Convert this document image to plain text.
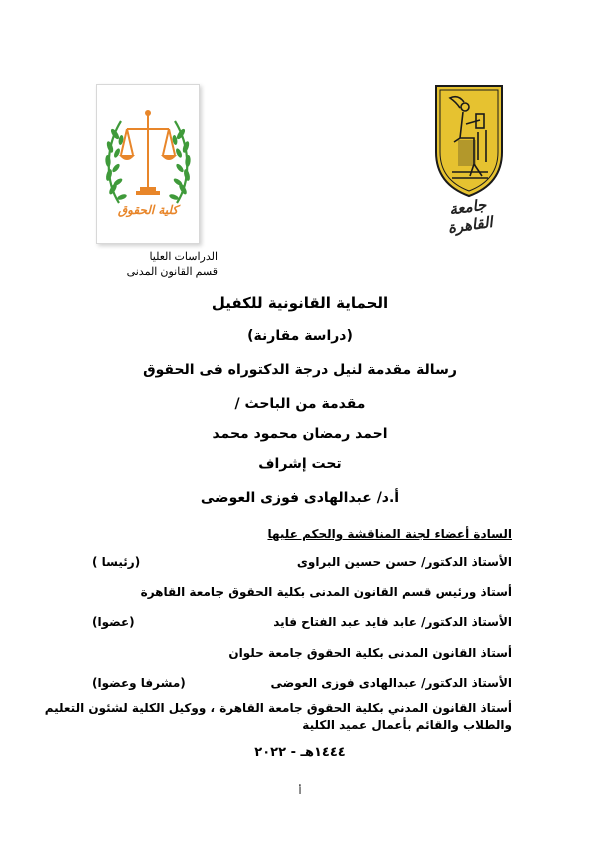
كلية الحقوق	جامعة القاهرة
الدراسات العليا
قسم القانون المدنى
الحماية القانونية للكفيل
(دراسة مقارنة)
رسالة مقدمة لنيل درجة الدكتوراه فى الحقوق
مقدمة من الباحث /
احمد رمضان محمود محمد
تحت إشراف
أ.د/ عبدالهادى فوزى العوضى
السادة أعضاء لجنة المناقشة والحكم عليها
الأستاذ الدكتور/ حسن حسين البراوى
(رئيسا )
أستاذ ورئيس قسم القانون المدنى بكلية الحقوق جامعة القاهرة
الأستاذ الدكتور/ عابد فايد عبد الفتاح فايد
(عضوا)
أستاذ القانون المدنى بكلية الحقوق جامعة حلوان
الأستاذ الدكتور/ عبدالهادى فوزى العوضى
(مشرفا وعضوا)
أستاذ القانون المدني بكلية الحقوق جامعة القاهرة ، ووكيل الكلية لشئون التعليم
والطلاب والقائم بأعمال عميد الكلية
١٤٤٤هـ - ٢٠٢٢
أ
